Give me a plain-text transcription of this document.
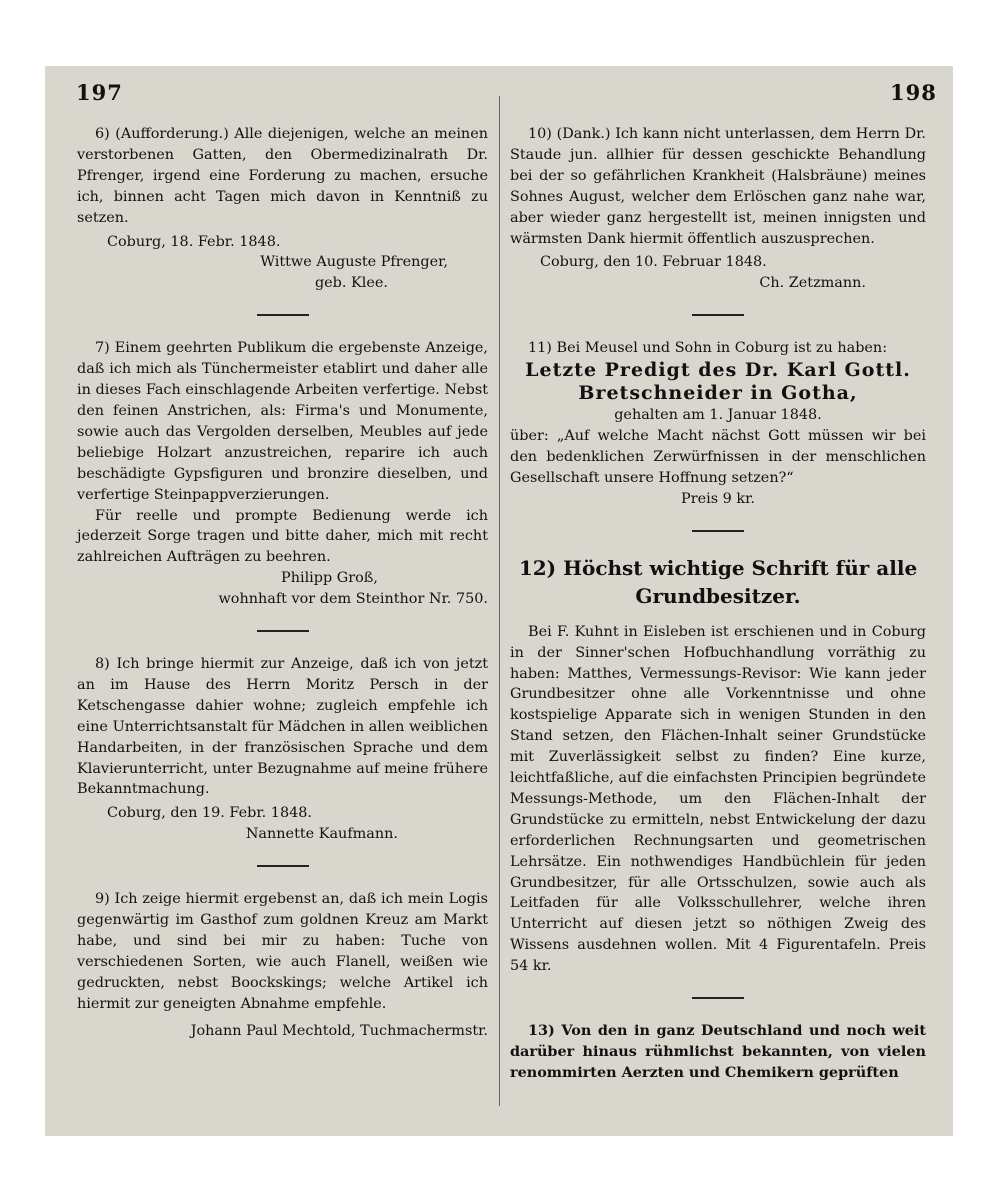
197	198

6) (Aufforderung.) Alle diejenigen, welche an meinen verstorbenen Gatten, den Obermedizinalrath Dr. Pfrenger, irgend eine Forderung zu machen, ersuche ich, binnen acht Tagen mich davon in Kenntniß zu setzen.

Coburg, 18. Febr. 1848.

Wittwe Auguste Pfrenger,

geb. Klee.

7) Einem geehrten Publikum die ergebenste Anzeige, daß ich mich als Tünchermeister etablirt und daher alle in dieses Fach einschlagende Arbeiten verfertige. Nebst den feinen Anstrichen, als: Firma's und Monumente, sowie auch das Vergolden derselben, Meubles auf jede beliebige Holzart anzustreichen, reparire ich auch beschädigte Gypsfiguren und bronzire dieselben, und verfertige Steinpappverzierungen.

Für reelle und prompte Bedienung werde ich jederzeit Sorge tragen und bitte daher, mich mit recht zahlreichen Aufträgen zu beehren.

Philipp Groß,

wohnhaft vor dem Steinthor Nr. 750.

8) Ich bringe hiermit zur Anzeige, daß ich von jetzt an im Hause des Herrn Moritz Persch in der Ketschengasse dahier wohne; zugleich empfehle ich eine Unterrichtsanstalt für Mädchen in allen weiblichen Handarbeiten, in der französischen Sprache und dem Klavierunterricht, unter Bezugnahme auf meine frühere Bekanntmachung.

Coburg, den 19. Febr. 1848.

Nannette Kaufmann.

9) Ich zeige hiermit ergebenst an, daß ich mein Logis gegenwärtig im Gasthof zum goldnen Kreuz am Markt habe, und sind bei mir zu haben: Tuche von verschiedenen Sorten, wie auch Flanell, weißen wie gedruckten, nebst Boockskings; welche Artikel ich hiermit zur geneigten Abnahme empfehle.

Johann Paul Mechtold, Tuchmachermstr.

10) (Dank.) Ich kann nicht unterlassen, dem Herrn Dr. Staude jun. allhier für dessen geschickte Behandlung bei der so gefährlichen Krankheit (Halsbräune) meines Sohnes August, welcher dem Erlöschen ganz nahe war, aber wieder ganz hergestellt ist, meinen innigsten und wärmsten Dank hiermit öffentlich auszusprechen.

Coburg, den 10. Februar 1848.

Ch. Zetzmann.

11) Bei Meusel und Sohn in Coburg ist zu haben:

Letzte Predigt des Dr. Karl Gottl.

Bretschneider in Gotha,

gehalten am 1. Januar 1848.

über: „Auf welche Macht nächst Gott müssen wir bei den bedenklichen Zerwürfnissen in der menschlichen Gesellschaft unsere Hoffnung setzen?“

Preis 9 kr.

12) Höchst wichtige Schrift für alle
Grundbesitzer.

Bei F. Kuhnt in Eisleben ist erschienen und in Coburg in der Sinner'schen Hofbuchhandlung vorräthig zu haben: Matthes, Vermessungs-Revisor: Wie kann jeder Grundbesitzer ohne alle Vorkenntnisse und ohne kostspielige Apparate sich in wenigen Stunden in den Stand setzen, den Flächen-Inhalt seiner Grundstücke mit Zuverlässigkeit selbst zu finden? Eine kurze, leichtfaßliche, auf die einfachsten Principien begründete Messungs-Methode, um den Flächen-Inhalt der Grundstücke zu ermitteln, nebst Entwickelung der dazu erforderlichen Rechnungsarten und geometrischen Lehrsätze. Ein nothwendiges Handbüchlein für jeden Grundbesitzer, für alle Ortsschulzen, sowie auch als Leitfaden für alle Volksschullehrer, welche ihren Unterricht auf diesen jetzt so nöthigen Zweig des Wissens ausdehnen wollen. Mit 4 Figurentafeln. Preis 54 kr.

13) Von den in ganz Deutschland und noch weit darüber hinaus rühmlichst bekannten, von vielen renommirten Aerzten und Chemikern geprüften
